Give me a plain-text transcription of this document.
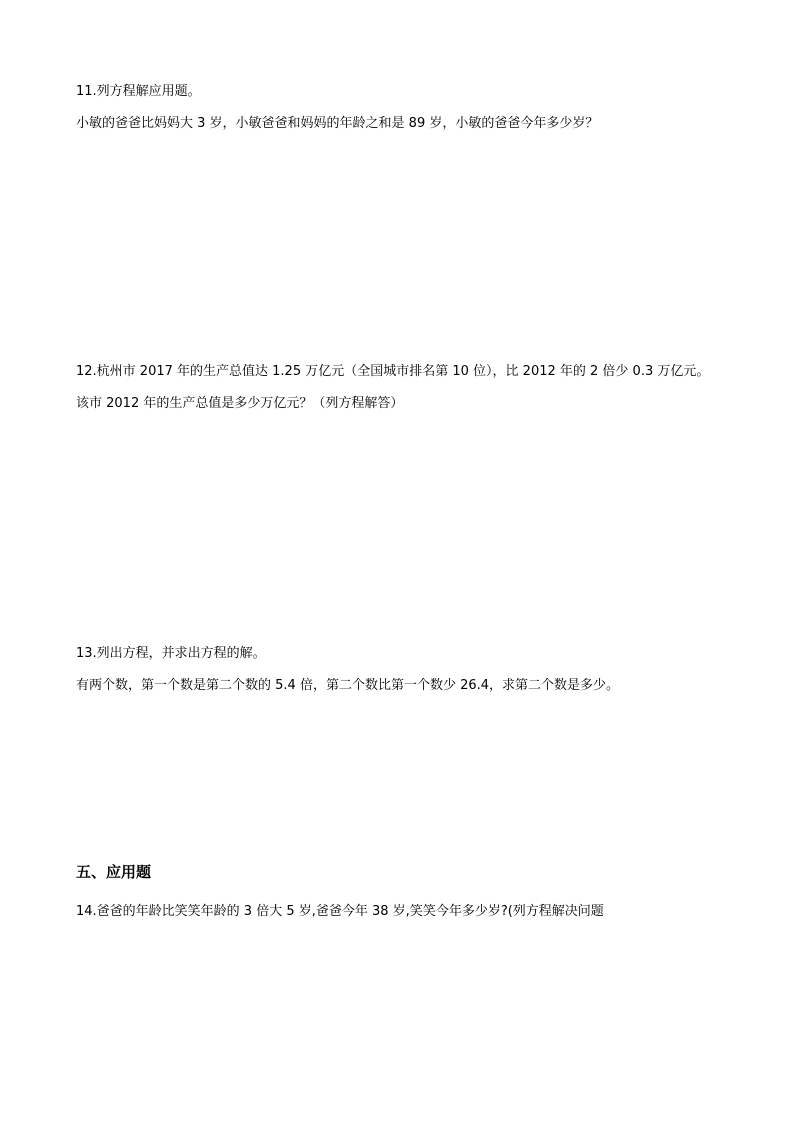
11.列方程解应用题。

小敏的爸爸比妈妈大 3 岁，小敏爸爸和妈妈的年龄之和是 89 岁，小敏的爸爸今年多少岁？

12.杭州市 2017 年的生产总值达 1.25 万亿元（全国城市排名第 10 位），比 2012 年的 2 倍少 0.3 万亿元。

该市 2012 年的生产总值是多少万亿元？（列方程解答）

13.列出方程，并求出方程的解。

有两个数，第一个数是第二个数的 5.4 倍，第二个数比第一个数少 26.4，求第二个数是多少。

五、应用题

14.爸爸的年龄比笑笑年龄的 3 倍大 5 岁,爸爸今年 38 岁,笑笑今年多少岁?(列方程解决问题
